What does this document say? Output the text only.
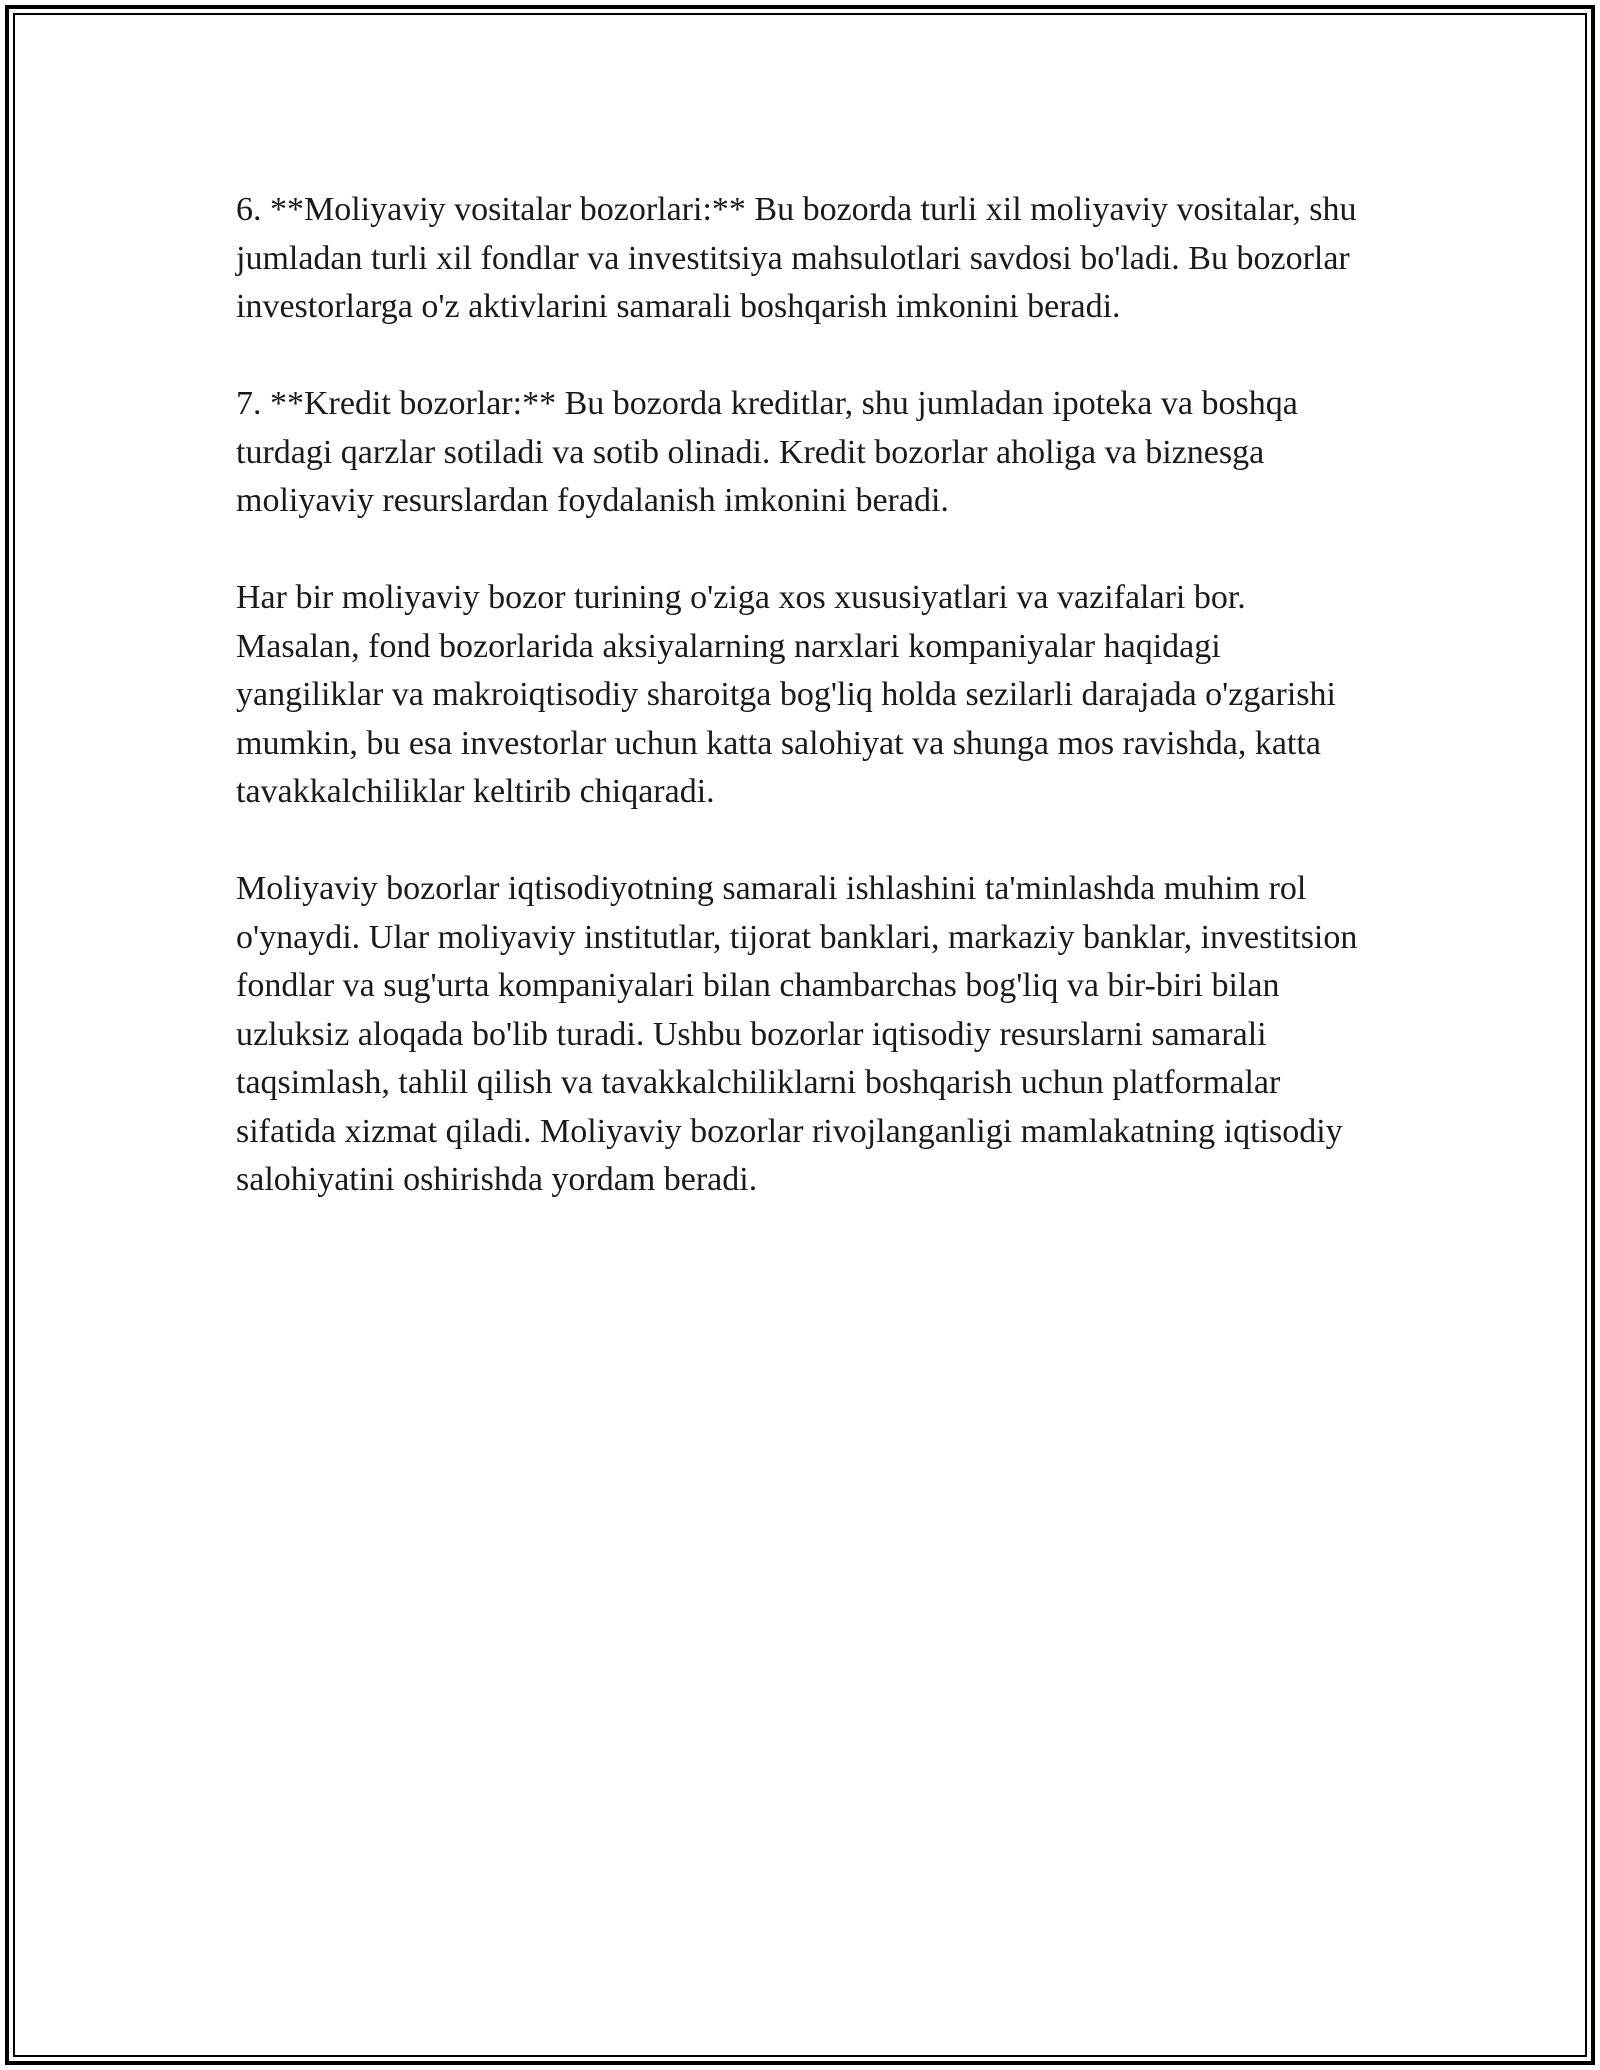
6. **Moliyaviy vositalar bozorlari:** Bu bozorda turli xil moliyaviy vositalar, shu jumladan turli xil fondlar va investitsiya mahsulotlari savdosi bo'ladi. Bu bozorlar investorlarga o'z aktivlarini samarali boshqarish imkonini beradi.

7. **Kredit bozorlar:** Bu bozorda kreditlar, shu jumladan ipoteka va boshqa turdagi qarzlar sotiladi va sotib olinadi. Kredit bozorlar aholiga va biznesga moliyaviy resurslardan foydalanish imkonini beradi.

Har bir moliyaviy bozor turining o'ziga xos xususiyatlari va vazifalari bor. Masalan, fond bozorlarida aksiyalarning narxlari kompaniyalar haqidagi yangiliklar va makroiqtisodiy sharoitga bog'liq holda sezilarli darajada o'zgarishi mumkin, bu esa investorlar uchun katta salohiyat va shunga mos ravishda, katta tavakkalchiliklar keltirib chiqaradi.

Moliyaviy bozorlar iqtisodiyotning samarali ishlashini ta'minlashda muhim rol o'ynaydi. Ular moliyaviy institutlar, tijorat banklari, markaziy banklar, investitsion fondlar va sug'urta kompaniyalari bilan chambarchas bog'liq va bir-biri bilan uzluksiz aloqada bo'lib turadi. Ushbu bozorlar iqtisodiy resurslarni samarali taqsimlash, tahlil qilish va tavakkalchiliklarni boshqarish uchun platformalar sifatida xizmat qiladi. Moliyaviy bozorlar rivojlanganligi mamlakatning iqtisodiy salohiyatini oshirishda yordam beradi.
